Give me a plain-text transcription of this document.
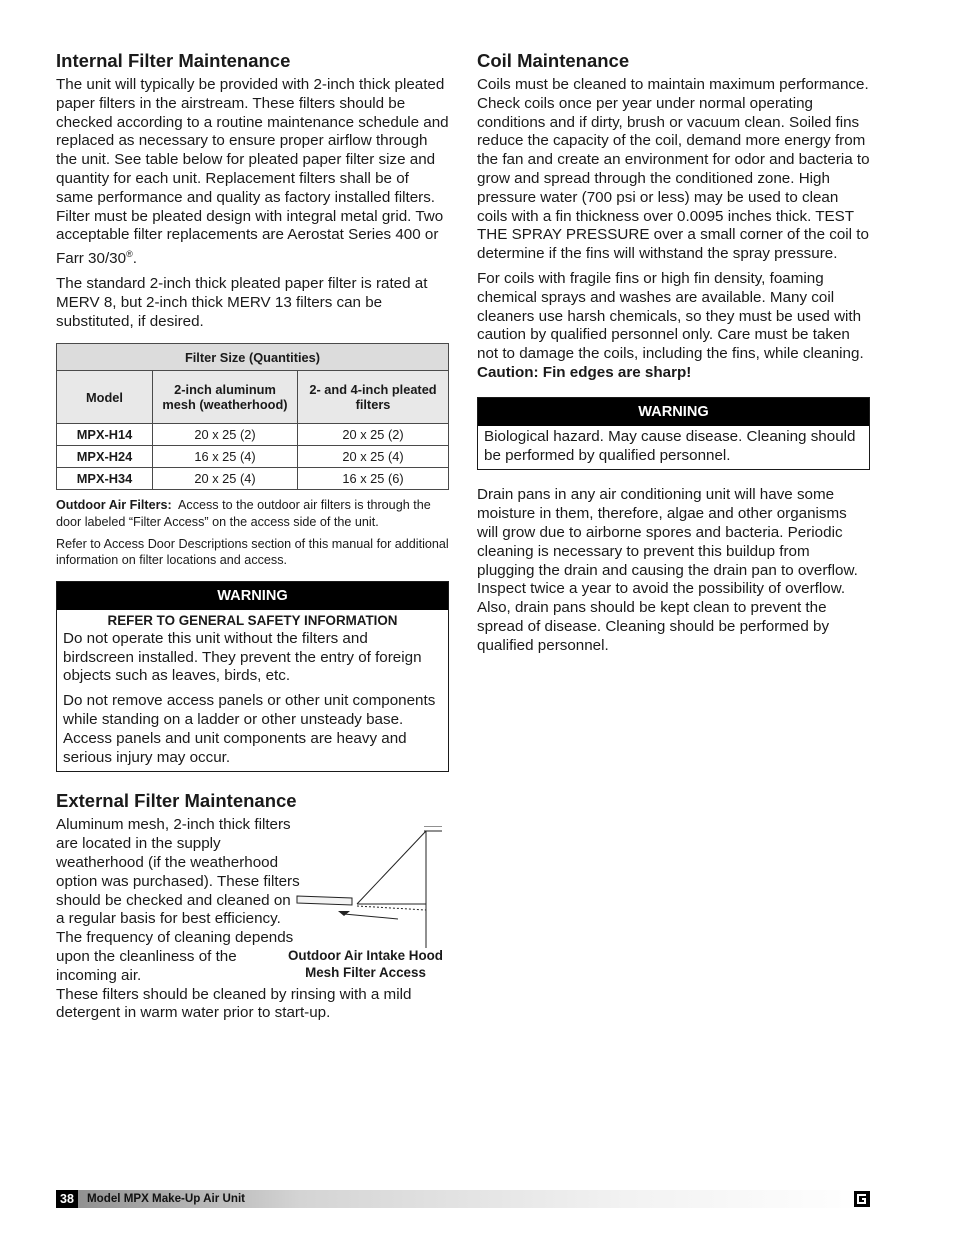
Internal Filter Maintenance

The unit will typically be provided with 2-inch thick pleated paper filters in the airstream. These filters should be checked according to a routine maintenance schedule and replaced as necessary to ensure proper airflow through the unit. See table below for pleated paper filter size and quantity for each unit. Replacement filters shall be of same performance and quality as factory installed filters. Filter must be pleated design with integral metal grid. Two acceptable filter replacements are Aerostat Series 400 or Farr 30/30®.

The standard 2-inch thick pleated paper filter is rated at MERV 8, but 2-inch thick MERV 13 filters can be substituted, if desired.

Filter Size (Quantities)		
Model	2-inch aluminum mesh (weatherhood)	2- and 4-inch pleated filters
MPX-H14	20 x 25 (2)	20 x 25 (2)
MPX-H24	16 x 25 (4)	20 x 25 (4)
MPX-H34	20 x 25 (4)	16 x 25 (6)

Outdoor Air Filters: Access to the outdoor air filters is through the door labeled “Filter Access” on the access side of the unit.

Refer to Access Door Descriptions section of this manual for additional information on filter locations and access.

WARNING
REFER TO GENERAL SAFETY INFORMATION

Do not operate this unit without the filters and birdscreen installed. They prevent the entry of foreign objects such as leaves, birds, etc.

Do not remove access panels or other unit components while standing on a ladder or other unsteady base. Access panels and unit components are heavy and serious injury may occur.

External Filter Maintenance

Aluminum mesh, 2-inch thick filters are located in the supply weatherhood (if the weatherhood option was purchased). These filters should be checked and cleaned on a regular basis for best efficiency. The frequency of cleaning depends upon the cleanliness of the incoming air.

These filters should be cleaned by rinsing with a mild detergent in warm water prior to start-up.

Outdoor Air Intake Hood Mesh Filter Access
Coil Maintenance

Coils must be cleaned to maintain maximum performance. Check coils once per year under normal operating conditions and if dirty, brush or vacuum clean. Soiled fins reduce the capacity of the coil, demand more energy from the fan and create an environment for odor and bacteria to grow and spread through the conditioned zone. High pressure water (700 psi or less) may be used to clean coils with a fin thickness over 0.0095 inches thick. TEST THE SPRAY PRESSURE over a small corner of the coil to determine if the fins will withstand the spray pressure.

For coils with fragile fins or high fin density, foaming chemical sprays and washes are available. Many coil cleaners use harsh chemicals, so they must be used with caution by qualified personnel only. Care must be taken not to damage the coils, including the fins, while cleaning. Caution: Fin edges are sharp!

WARNING

Biological hazard. May cause disease. Cleaning should be performed by qualified personnel.

Drain pans in any air conditioning unit will have some moisture in them, therefore, algae and other organisms will grow due to airborne spores and bacteria. Periodic cleaning is necessary to prevent this buildup from plugging the drain and causing the drain pan to overflow. Inspect twice a year to avoid the possibility of overflow. Also, drain pans should be kept clean to prevent the spread of disease. Cleaning should be performed by qualified personnel.

38	Model MPX Make-Up Air Unit
